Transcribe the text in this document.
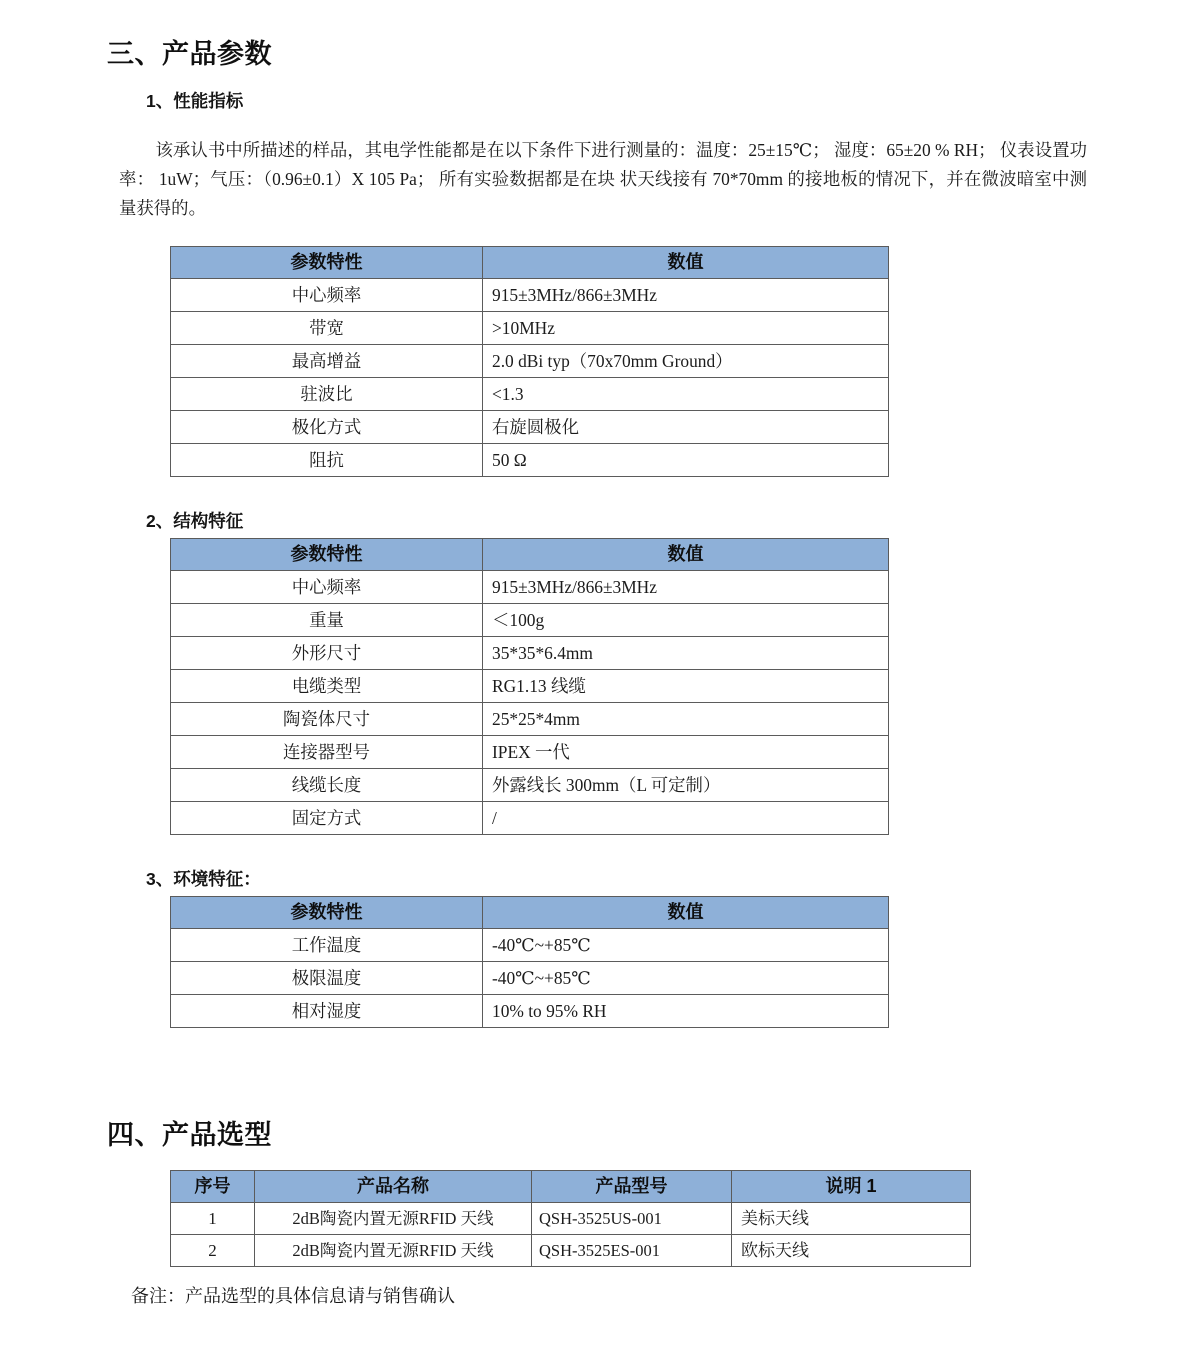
三、产品参数
1、性能指标

该承认书中所描述的样品，其电学性能都是在以下条件下进行测量的：温度：25±15℃； 湿度：65±20 % RH； 仪表设置功率： 1uW；气压：（0.96±0.1）X 105 Pa； 所有实验数据都是在块 状天线接有 70*70mm 的接地板的情况下，并在微波暗室中测量获得的。

参数特性	数值
中心频率	915±3MHz/866±3MHz
带宽	>10MHz
最高增益	2.0 dBi typ（70x70mm Ground）
驻波比	<1.3
极化方式	右旋圆极化
阻抗	50 Ω
2、结构特征
参数特性	数值
中心频率	915±3MHz/866±3MHz
重量	＜100g
外形尺寸	35*35*6.4mm
电缆类型	RG1.13 线缆
陶瓷体尺寸	25*25*4mm
连接器型号	IPEX 一代
线缆长度	外露线长 300mm（L 可定制）
固定方式	/
3、环境特征：
参数特性	数值
工作温度	-40℃~+85℃
极限温度	-40℃~+85℃
相对湿度	10% to 95% RH
四、产品选型
序号	产品名称	产品型号	说明 1
1	2dB陶瓷内置无源RFID 天线	QSH-3525US-001	美标天线
2	2dB陶瓷内置无源RFID 天线	QSH-3525ES-001	欧标天线
备注：产品选型的具体信息请与销售确认
